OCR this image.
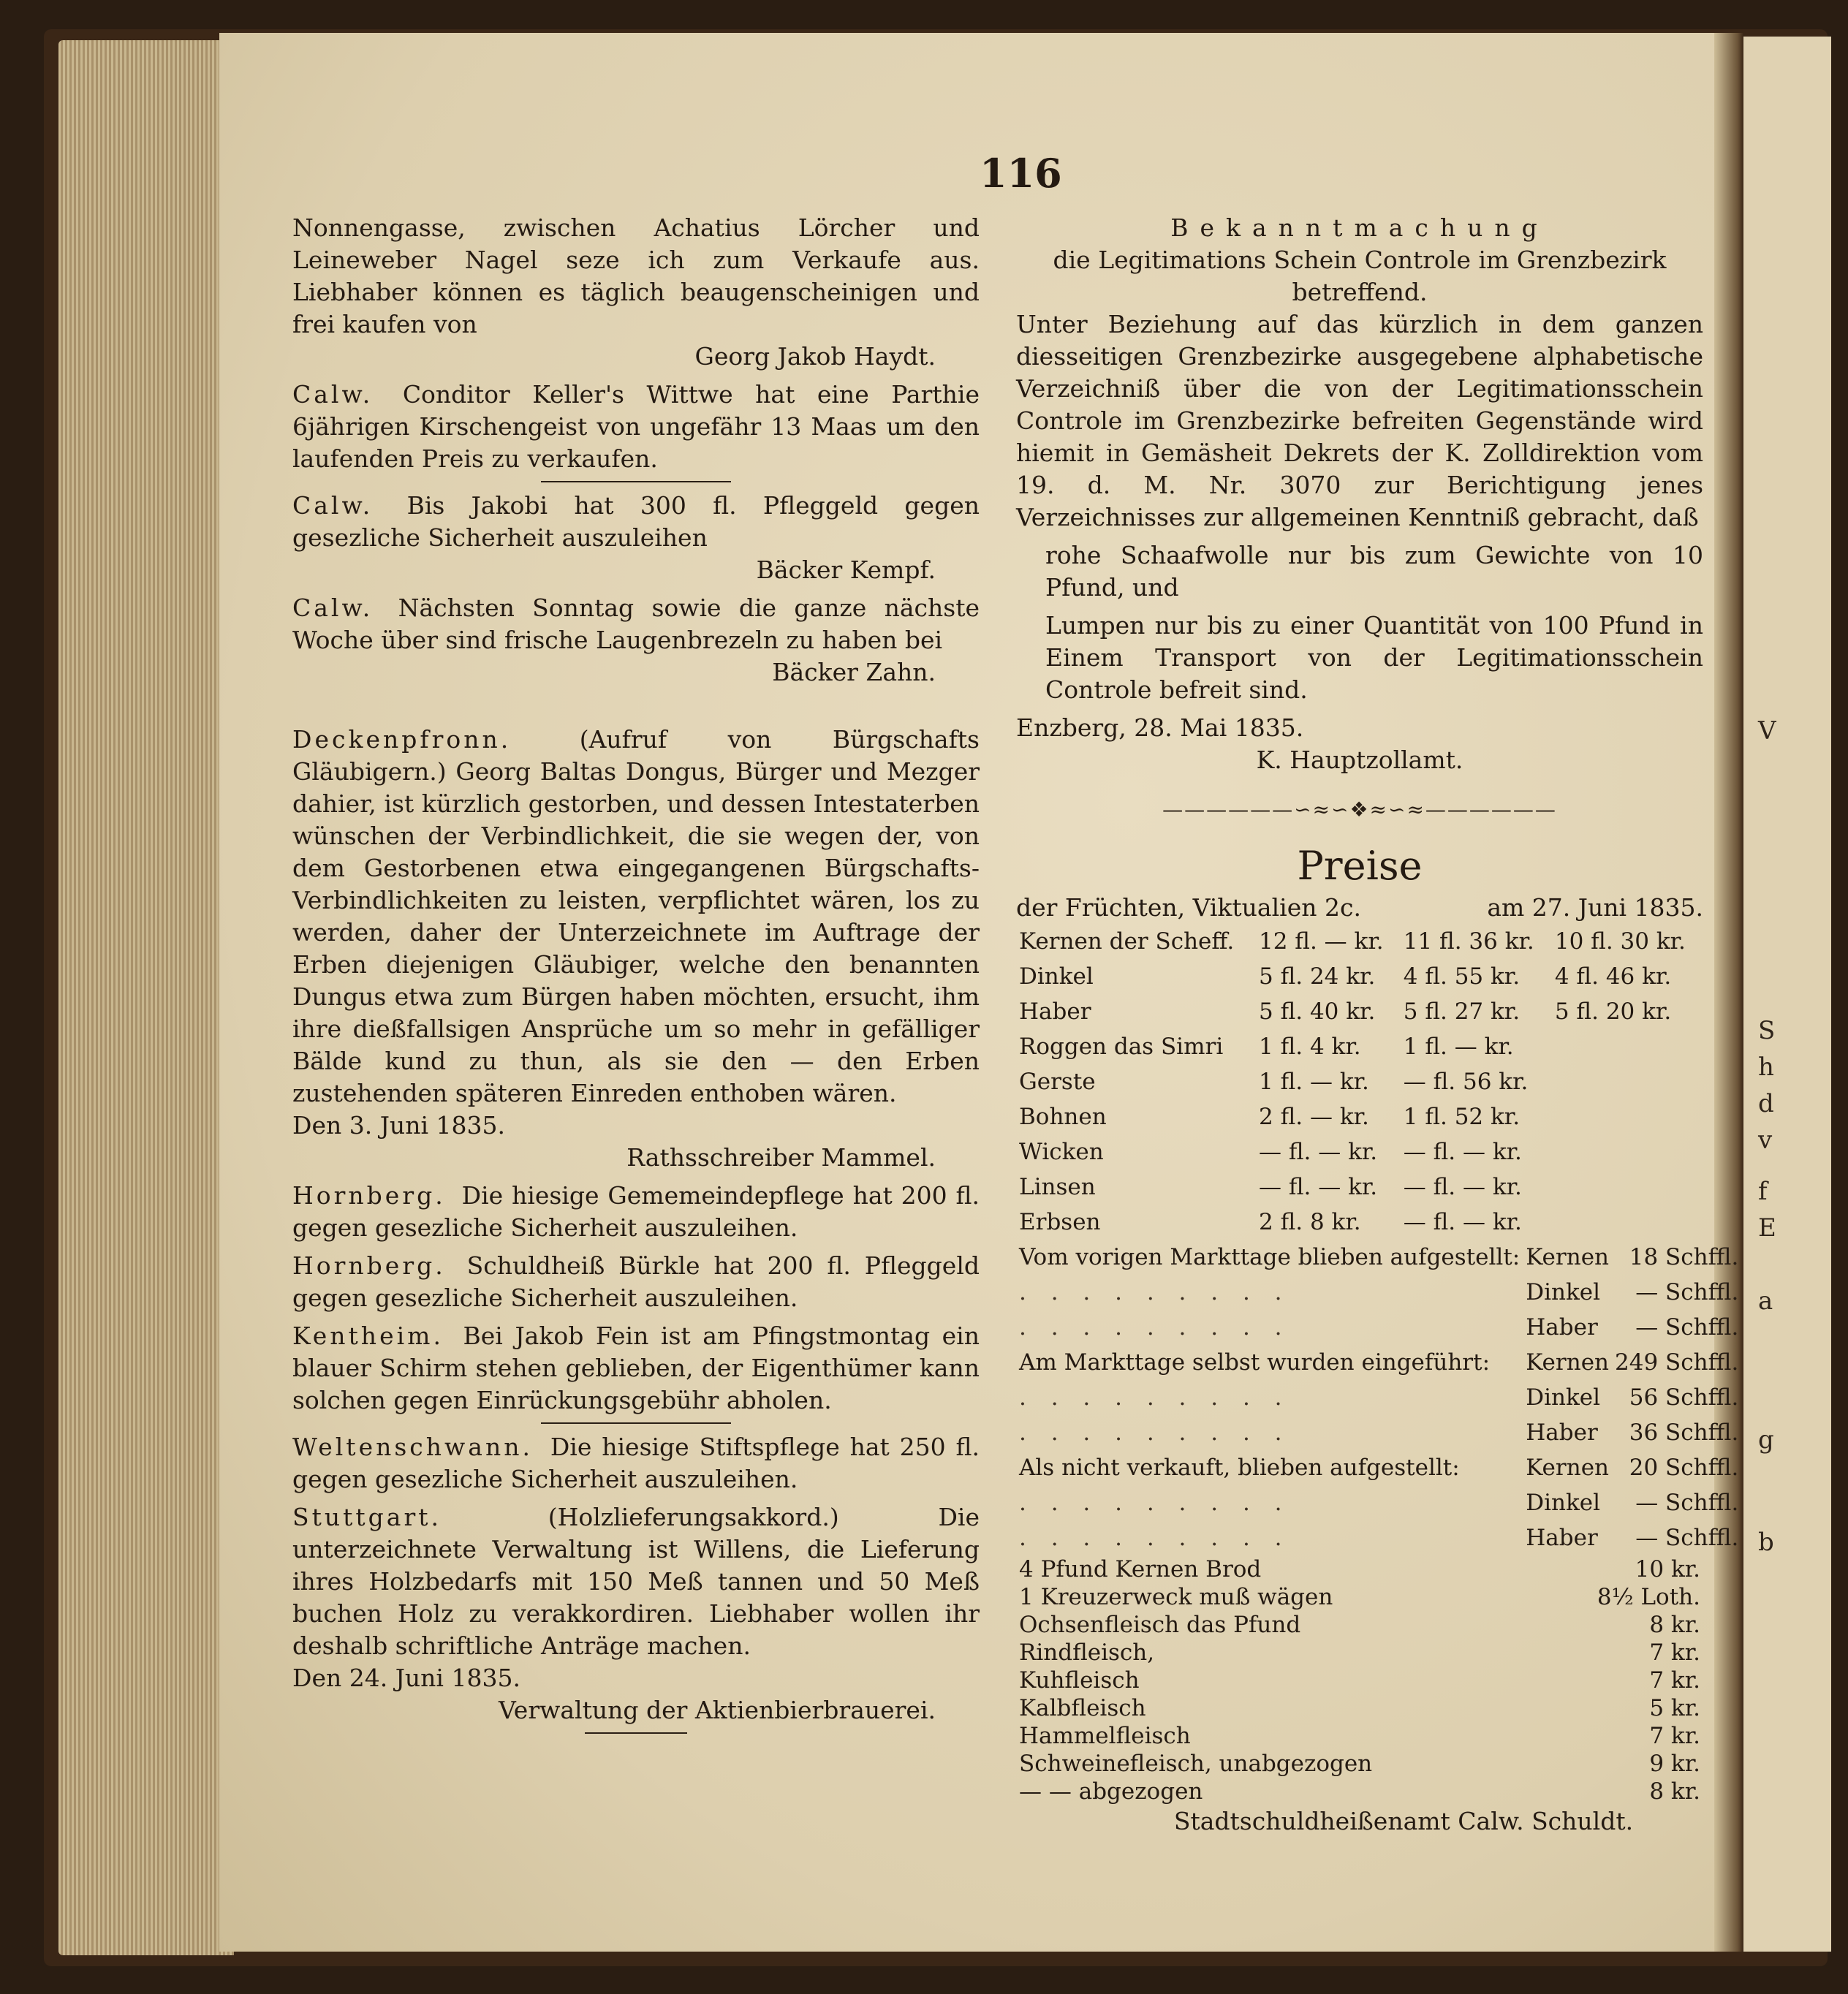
V
S
h
d
v
f
E
a
g
b
116
Nonnengasse, zwischen Achatius Lörcher und Leineweber Nagel seze ich zum Verkaufe aus. Liebhaber können es täglich beaugenscheinigen und frei kaufen von
Georg Jakob Haydt.
Calw. Conditor Keller's Wittwe hat eine Parthie 6jährigen Kirschengeist von ungefähr 13 Maas um den laufenden Preis zu verkaufen.
Calw. Bis Jakobi hat 300 fl. Pfleggeld gegen gesezliche Sicherheit auszuleihen
Bäcker Kempf.
Calw. Nächsten Sonntag sowie die ganze nächste Woche über sind frische Laugenbrezeln zu haben bei
Bäcker Zahn.
Deckenpfronn.	(Aufruf von Bürgschafts Gläubigern.) Georg Baltas Dongus, Bürger und Mezger dahier, ist kürzlich gestorben, und dessen Intestaterben wünschen der Verbindlichkeit, die sie wegen der, von dem Gestorbenen etwa eingegangenen Bürgschafts-Verbindlichkeiten zu leisten, verpflichtet wären, los zu werden, daher der Unterzeichnete im Auftrage der Erben diejenigen Gläubiger, welche den benannten Dungus etwa zum Bürgen haben möchten, ersucht, ihm ihre dießfallsigen Ansprüche um so mehr in gefälliger Bälde kund zu thun, als sie den — den Erben zustehenden späteren Einreden enthoben wären.
Den 3. Juni 1835.
Rathsschreiber Mammel.
Hornberg. Die hiesige Gememeindepflege hat 200 fl. gegen gesezliche Sicherheit auszuleihen.
Hornberg. Schuldheiß Bürkle hat 200 fl. Pfleggeld gegen gesezliche Sicherheit auszuleihen.
Kentheim. Bei Jakob Fein ist am Pfingstmontag ein blauer Schirm stehen geblieben, der Eigenthümer kann solchen gegen Einrückungsgebühr abholen.
Weltenschwann. Die hiesige Stiftspflege hat 250 fl. gegen gesezliche Sicherheit auszuleihen.
Stuttgart.	(Holzlieferungsakkord.) Die unterzeichnete Verwaltung ist Willens, die Lieferung ihres Holzbedarfs mit 150 Meß tannen und 50 Meß buchen Holz zu verakkordiren. Liebhaber wollen ihr deshalb schriftliche Anträge machen.
Den 24. Juni 1835.
Verwaltung der Aktienbierbrauerei.
Bekanntmachung
die Legitimations Schein Controle im Grenzbezirk betreffend.
Unter Beziehung auf das kürzlich in dem ganzen diesseitigen Grenzbezirke ausgegebene alphabetische Verzeichniß über die von der Legitimationsschein Controle im Grenzbezirke befreiten Gegenstände wird hiemit in Gemäsheit Dekrets der K. Zolldirektion vom 19. d. M. Nr. 3070 zur Berichtigung jenes Verzeichnisses zur allgemeinen Kenntniß gebracht, daß
rohe Schaafwolle nur bis zum Gewichte von 10 Pfund, und
Lumpen nur bis zu einer Quantität von 100 Pfund in Einem Transport von der Legitimationsschein Controle befreit sind.
Enzberg, 28. Mai 1835.
K. Hauptzollamt.
——————∽≈∽❖≈∽≈——————
Preise
der Früchten, Viktualien 2c.	am 27. Juni 1835.
Kernen der Scheff.	12 fl. — kr.	11 fl. 36 kr.	10 fl. 30 kr.
Dinkel	5 fl. 24 kr.	4 fl. 55 kr.	4 fl. 46 kr.
Haber	5 fl. 40 kr.	5 fl. 27 kr.	5 fl. 20 kr.
Roggen das Simri	1 fl. 4 kr.	1 fl. — kr.	
Gerste	1 fl. — kr.	— fl. 56 kr.	
Bohnen	2 fl. — kr.	1 fl. 52 kr.	
Wicken	— fl. — kr.	— fl. — kr.	
Linsen	— fl. — kr.	— fl. — kr.	
Erbsen	2 fl. 8 kr.	— fl. — kr.	
Vom vorigen Markttage blieben aufgestellt:	Kernen	18 Schffl.
. . . . . . . . .	Dinkel	— Schffl.
. . . . . . . . .	Haber	— Schffl.
Am Markttage selbst wurden eingeführt:	Kernen	249 Schffl.
. . . . . . . . .	Dinkel	56 Schffl.
. . . . . . . . .	Haber	36 Schffl.
Als nicht verkauft, blieben aufgestellt:	Kernen	20 Schffl.
. . . . . . . . .	Dinkel	— Schffl.
. . . . . . . . .	Haber	— Schffl.
4 Pfund Kernen Brod	10 kr.
1 Kreuzerweck muß wägen	8½ Loth.
Ochsenfleisch das Pfund	8 kr.
Rindfleisch,	7 kr.
Kuhfleisch	7 kr.
Kalbfleisch	5 kr.
Hammelfleisch	7 kr.
Schweinefleisch, unabgezogen	9 kr.
— — abgezogen	8 kr.
Stadtschuldheißenamt Calw. Schuldt.
